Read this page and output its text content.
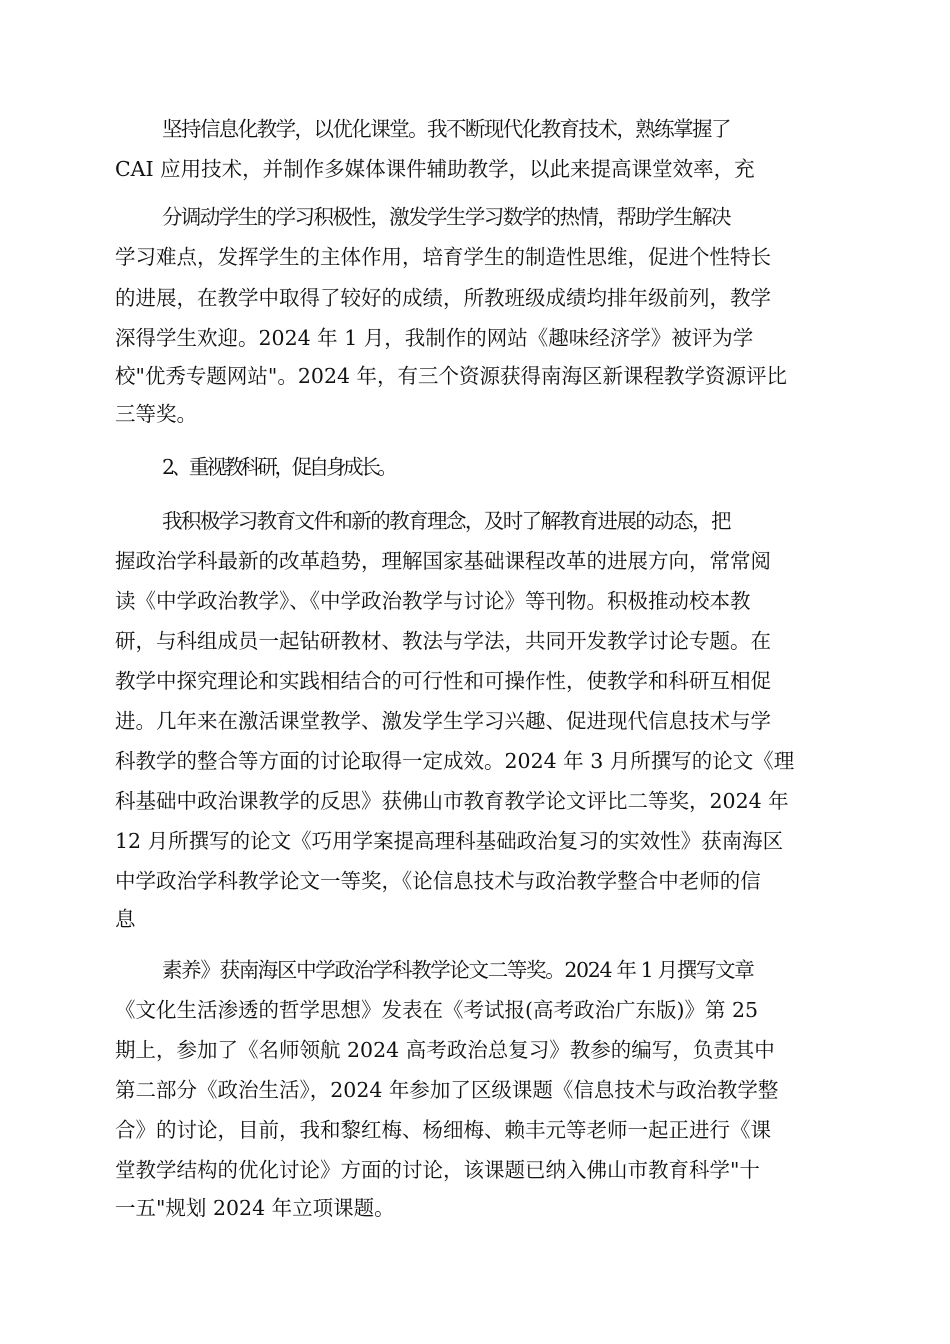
坚持信息化教学，以优化课堂。我不断现代化教育技术，熟练掌握了
CAI 应用技术，并制作多媒体课件辅助教学，以此来提高课堂效率，充
分调动学生的学习积极性，激发学生学习数学的热情，帮助学生解决
学习难点，发挥学生的主体作用，培育学生的制造性思维，促进个性特长
的进展，在教学中取得了较好的成绩，所教班级成绩均排年级前列，教学
深得学生欢迎。2024 年 1 月，我制作的网站《趣味经济学》被评为学
校"优秀专题网站"。2024 年，有三个资源获得南海区新课程教学资源评比
三等奖。
2、重视教科研，促自身成长。
我积极学习教育文件和新的教育理念，及时了解教育进展的动态，把
握政治学科最新的改革趋势，理解国家基础课程改革的进展方向，常常阅
读《中学政治教学》、《中学政治教学与讨论》等刊物。积极推动校本教
研，与科组成员一起钻研教材、教法与学法，共同开发教学讨论专题。在
教学中探究理论和实践相结合的可行性和可操作性，使教学和科研互相促
进。几年来在激活课堂教学、激发学生学习兴趣、促进现代信息技术与学
科教学的整合等方面的讨论取得一定成效。2024 年 3 月所撰写的论文《理
科基础中政治课教学的反思》获佛山市教育教学论文评比二等奖，2024 年
12 月所撰写的论文《巧用学案提高理科基础政治复习的实效性》获南海区
中学政治学科教学论文一等奖，《论信息技术与政治教学整合中老师的信
息
素养》获南海区中学政治学科教学论文二等奖。2024 年 1 月撰写文章
《文化生活渗透的哲学思想》发表在《考试报(高考政治广东版)》第 25
期上，参加了《名师领航 2024 高考政治总复习》教参的编写，负责其中
第二部分《政治生活》，2024 年参加了区级课题《信息技术与政治教学整
合》的讨论，目前，我和黎红梅、杨细梅、赖丰元等老师一起正进行《课
堂教学结构的优化讨论》方面的讨论，该课题已纳入佛山市教育科学"十
一五"规划 2024 年立项课题。
